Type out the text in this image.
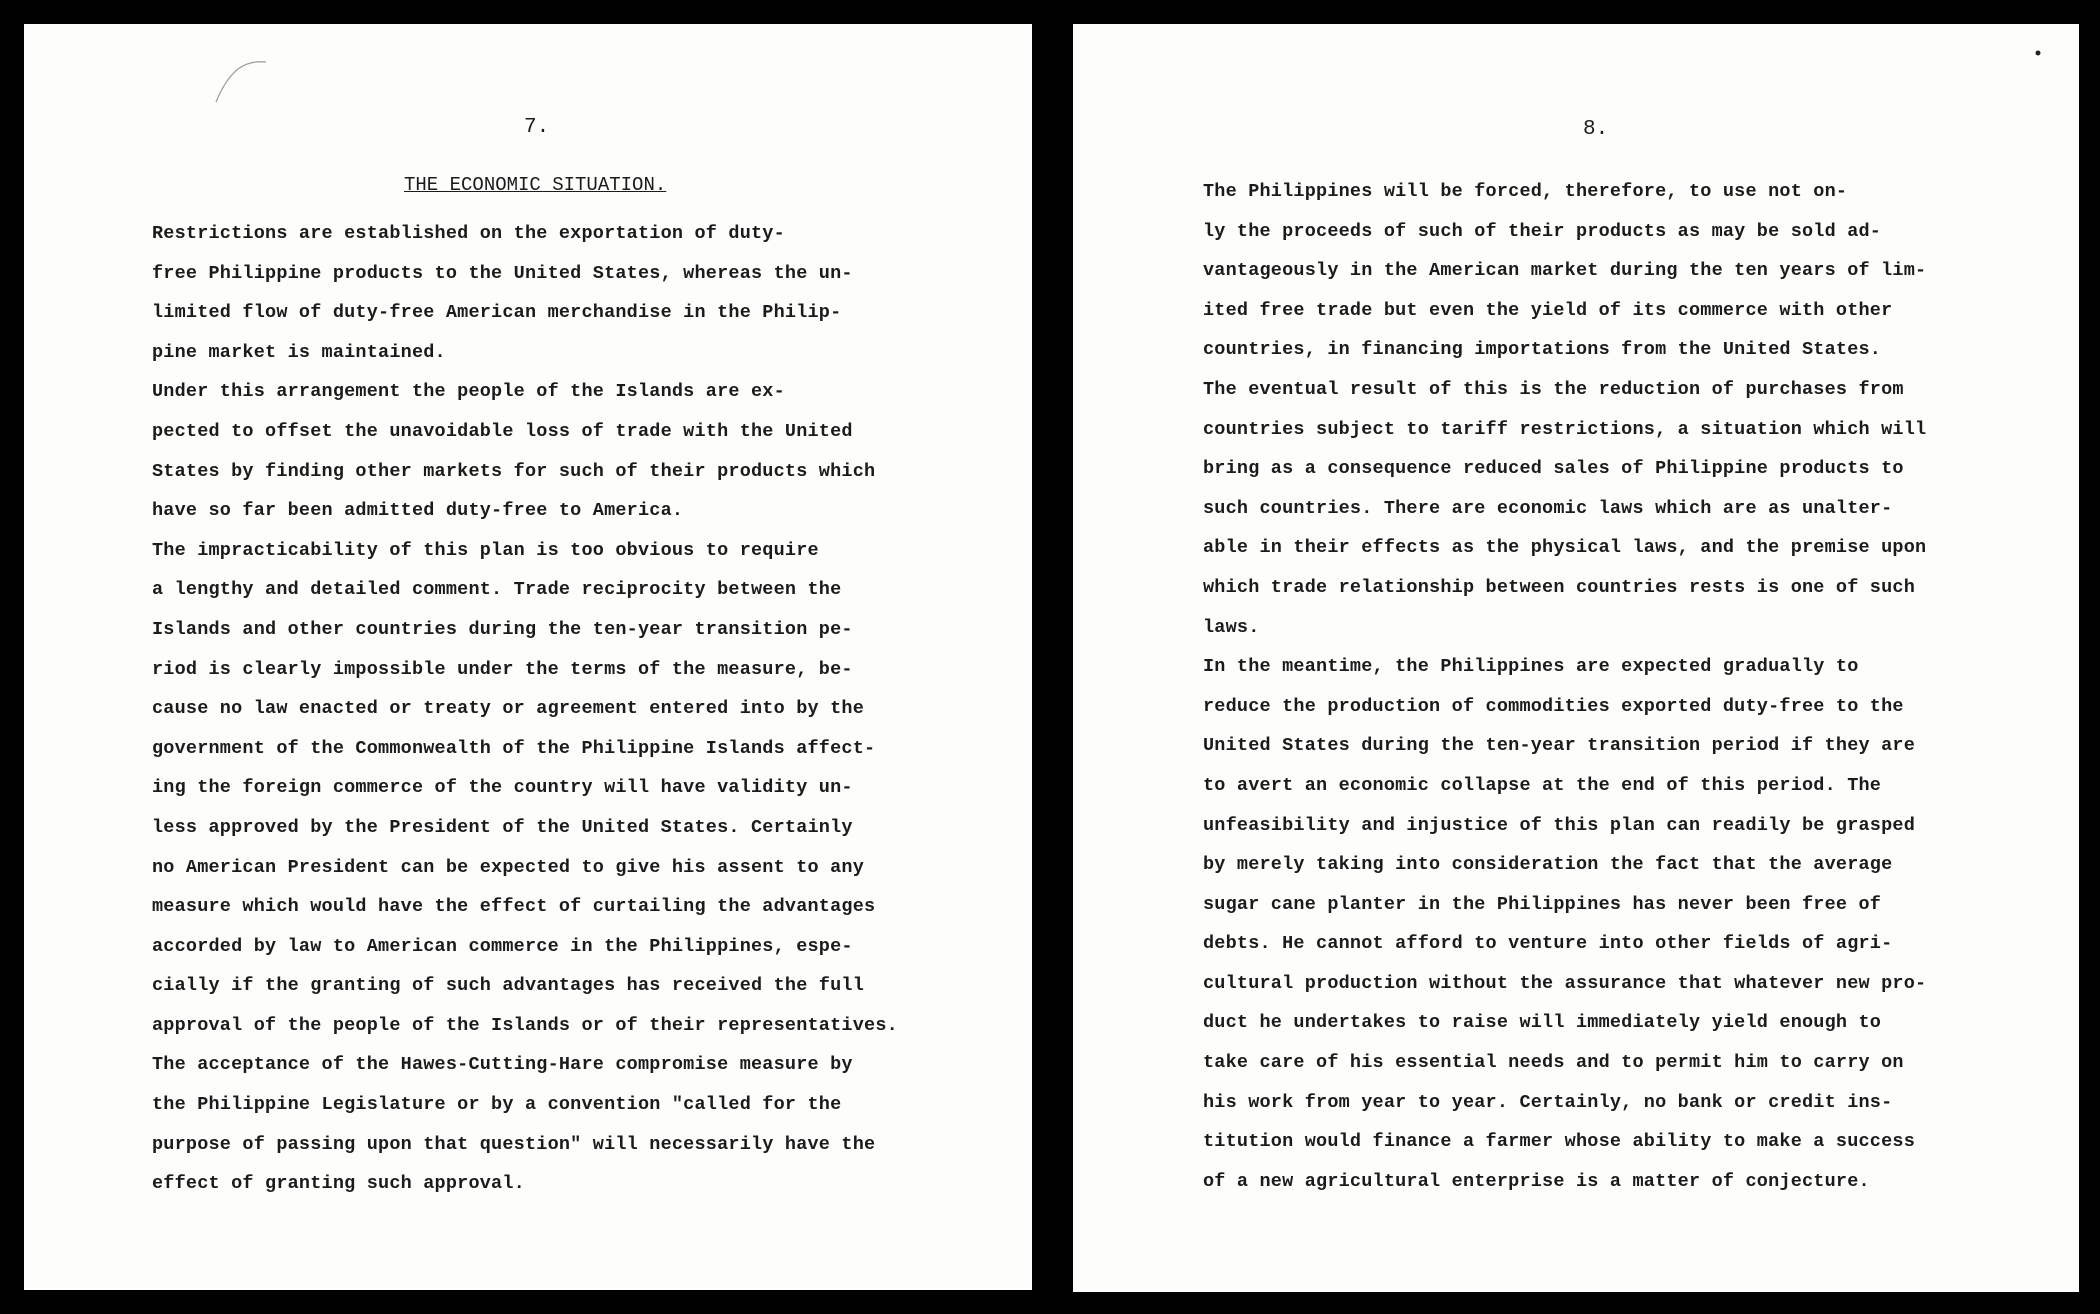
7.
THE ECONOMIC SITUATION.
Restrictions are established on the exportation of duty-
free Philippine products to the United States, whereas the un-
limited flow of duty-free American merchandise in the Philip-
pine market is maintained.
Under this arrangement the people of the Islands are ex-
pected to offset the unavoidable loss of trade with the United
States by finding other markets for such of their products which
have so far been admitted duty-free to America.
The impracticability of this plan is too obvious to require
a lengthy and detailed comment. Trade reciprocity between the
Islands and other countries during the ten-year transition pe-
riod is clearly impossible under the terms of the measure, be-
cause no law enacted or treaty or agreement entered into by the
government of the Commonwealth of the Philippine Islands affect-
ing the foreign commerce of the country will have validity un-
less approved by the President of the United States. Certainly
no American President can be expected to give his assent to any
measure which would have the effect of curtailing the advantages
accorded by law to American commerce in the Philippines, espe-
cially if the granting of such advantages has received the full
approval of the people of the Islands or of their representatives.
The acceptance of the Hawes-Cutting-Hare compromise measure by
the Philippine Legislature or by a convention "called for the
purpose of passing upon that question" will necessarily have the
effect of granting such approval.
8.
The Philippines will be forced, therefore, to use not on-
ly the proceeds of such of their products as may be sold ad-
vantageously in the American market during the ten years of lim-
ited free trade but even the yield of its commerce with other
countries, in financing importations from the United States.
The eventual result of this is the reduction of purchases from
countries subject to tariff restrictions, a situation which will
bring as a consequence reduced sales of Philippine products to
such countries. There are economic laws which are as unalter-
able in their effects as the physical laws, and the premise upon
which trade relationship between countries rests is one of such
laws.
In the meantime, the Philippines are expected gradually to
reduce the production of commodities exported duty-free to the
United States during the ten-year transition period if they are
to avert an economic collapse at the end of this period. The
unfeasibility and injustice of this plan can readily be grasped
by merely taking into consideration the fact that the average
sugar cane planter in the Philippines has never been free of
debts. He cannot afford to venture into other fields of agri-
cultural production without the assurance that whatever new pro-
duct he undertakes to raise will immediately yield enough to
take care of his essential needs and to permit him to carry on
his work from year to year. Certainly, no bank or credit ins-
titution would finance a farmer whose ability to make a success
of a new agricultural enterprise is a matter of conjecture.
